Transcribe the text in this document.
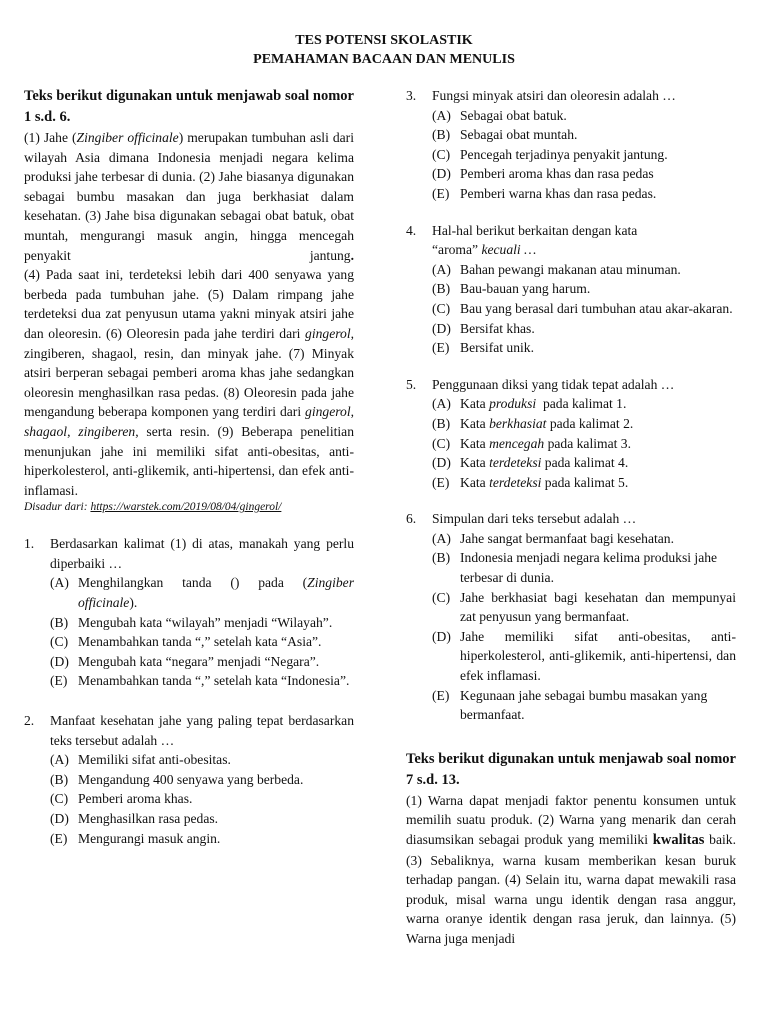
TES POTENSI SKOLASTIK
PEMAHAMAN BACAAN DAN MENULIS
Teks berikut digunakan untuk menjawab soal nomor 1 s.d. 6.
(1) Jahe (Zingiber officinale) merupakan tumbuhan asli dari wilayah Asia dimana Indonesia menjadi negara kelima produksi jahe terbesar di dunia. (2) Jahe biasanya digunakan sebagai bumbu masakan dan juga berkhasiat dalam kesehatan. (3) Jahe bisa digunakan sebagai obat batuk, obat muntah, mengurangi masuk angin, hingga mencegah penyakit jantung.
(4) Pada saat ini, terdeteksi lebih dari 400 senyawa yang berbeda pada tumbuhan jahe. (5) Dalam rimpang jahe terdeteksi dua zat penyusun utama yakni minyak atsiri jahe dan oleoresin. (6) Oleoresin pada jahe terdiri dari gingerol, zingiberen, shagaol, resin, dan minyak jahe. (7) Minyak atsiri berperan sebagai pemberi aroma khas jahe sedangkan oleoresin menghasilkan rasa pedas. (8) Oleoresin pada jahe mengandung beberapa komponen yang terdiri dari gingerol, shagaol, zingiberen, serta resin. (9) Beberapa penelitian menunjukan jahe ini memiliki sifat anti-obesitas, anti-hiperkolesterol, anti-glikemik, anti-hipertensi, dan efek anti-inflamasi.
Disadur dari: https://warstek.com/2019/08/04/gingerol/
1.	Berdasarkan kalimat (1) di atas, manakah yang perlu diperbaiki …
(A) Menghilangkan tanda () pada (Zingiber officinale).
(B) Mengubah kata “wilayah” menjadi “Wilayah”.
(C) Menambahkan tanda “,” setelah kata “Asia”.
(D) Mengubah kata “negara” menjadi “Negara”.
(E) Menambahkan tanda “,” setelah kata “Indonesia”.
2.	Manfaat kesehatan jahe yang paling tepat berdasarkan teks tersebut adalah …
(A) Memiliki sifat anti-obesitas.
(B) Mengandung 400 senyawa yang berbeda.
(C) Pemberi aroma khas.
(D) Menghasilkan rasa pedas.
(E) Mengurangi masuk angin.
3.	Fungsi minyak atsiri dan oleoresin adalah …
(A) Sebagai obat batuk.
(B) Sebagai obat muntah.
(C) Pencegah terjadinya penyakit jantung.
(D) Pemberi aroma khas dan rasa pedas
(E) Pemberi warna khas dan rasa pedas.
4.	Hal-hal berikut berkaitan dengan kata
“aroma” kecuali …
(A) Bahan pewangi makanan atau minuman.
(B) Bau-bauan yang harum.
(C) Bau yang berasal dari tumbuhan atau akar-akaran.
(D) Bersifat khas.
(E) Bersifat unik.
5.	Penggunaan diksi yang tidak tepat adalah …
(A) Kata produksi  pada kalimat 1.
(B) Kata berkhasiat pada kalimat 2.
(C) Kata mencegah pada kalimat 3.
(D) Kata terdeteksi pada kalimat 4.
(E) Kata terdeteksi pada kalimat 5.
6.	Simpulan dari teks tersebut adalah …
(A) Jahe sangat bermanfaat bagi kesehatan.
(B) Indonesia menjadi negara kelima produksi jahe terbesar di dunia.
(C) Jahe berkhasiat bagi kesehatan dan mempunyai zat penyusun yang bermanfaat.
(D) Jahe memiliki sifat anti-obesitas, anti-hiperkolesterol, anti-glikemik, anti-hipertensi, dan efek inflamasi.
(E) Kegunaan jahe sebagai bumbu masakan yang bermanfaat.
Teks berikut digunakan untuk menjawab soal nomor 7 s.d. 13.
(1) Warna dapat menjadi faktor penentu konsumen untuk memilih suatu produk. (2) Warna yang menarik dan cerah diasumsikan sebagai produk yang memiliki kwalitas baik. (3) Sebaliknya, warna kusam memberikan kesan buruk terhadap pangan. (4) Selain itu, warna dapat mewakili rasa produk, misal warna ungu identik dengan rasa anggur, warna oranye identik dengan rasa jeruk, dan lainnya. (5) Warna juga menjadi
